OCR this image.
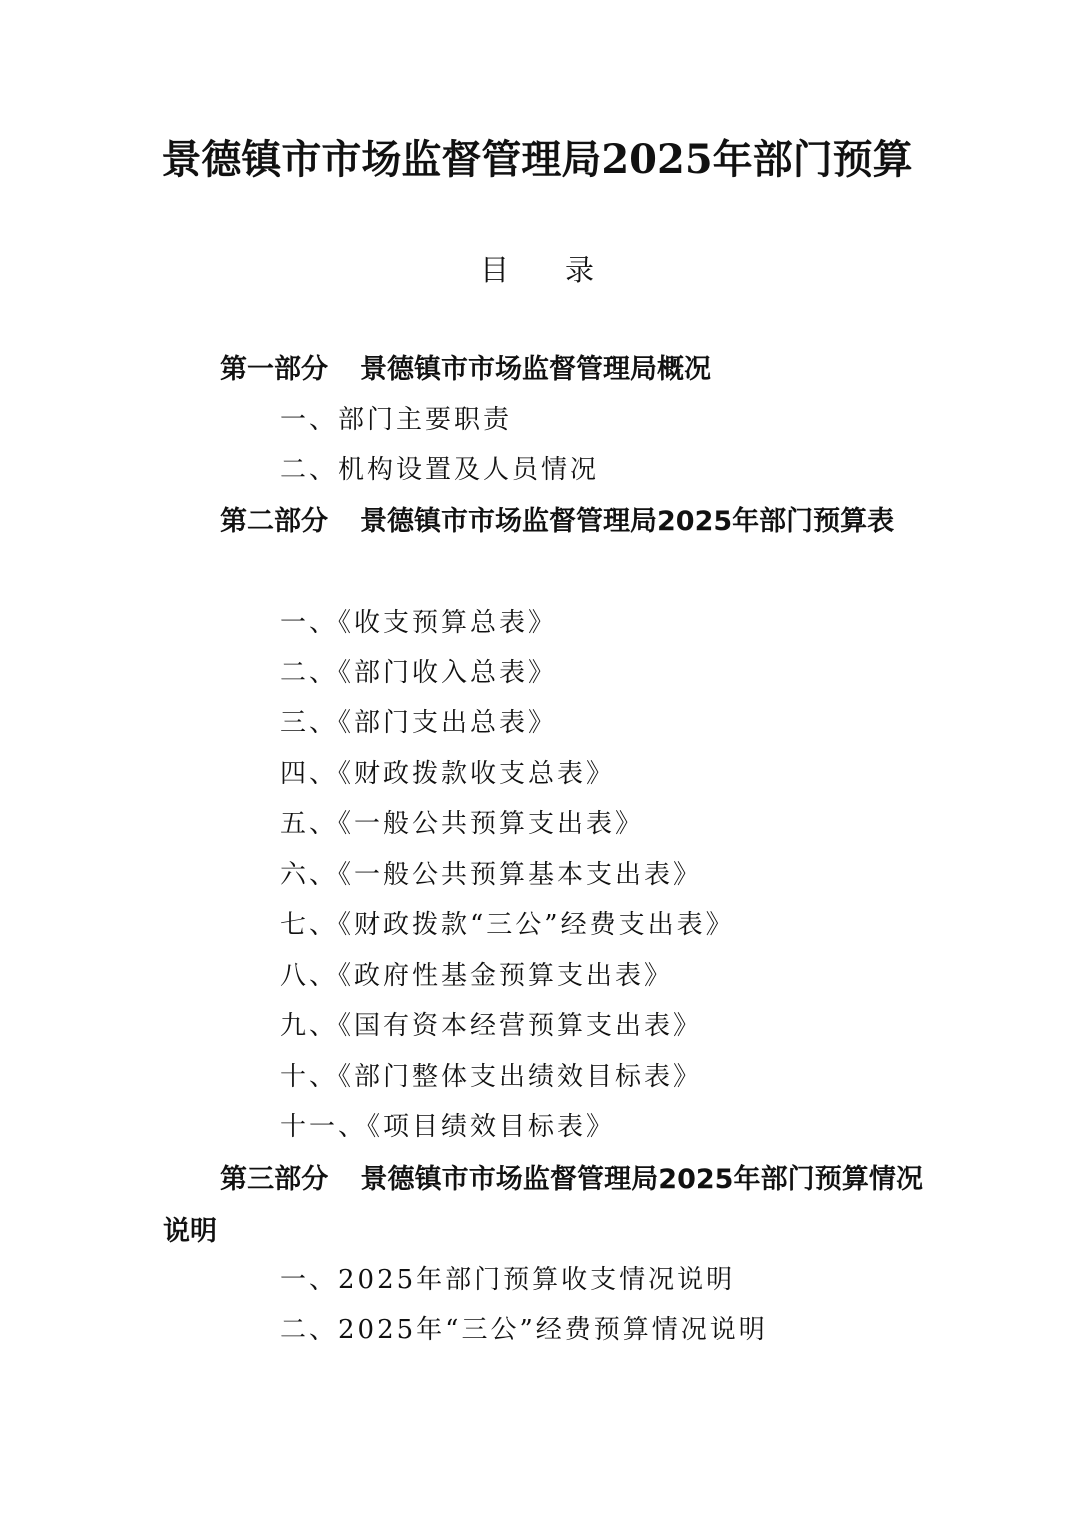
景德镇市市场监督管理局2025年部门预算
目录
第一部分 景德镇市市场监督管理局概况
一、部门主要职责
二、机构设置及人员情况
第二部分 景德镇市市场监督管理局2025年部门预算表
一、《收支预算总表》
二、《部门收入总表》
三、《部门支出总表》
四、《财政拨款收支总表》
五、《一般公共预算支出表》
六、《一般公共预算基本支出表》
七、《财政拨款“三公”经费支出表》
八、《政府性基金预算支出表》
九、《国有资本经营预算支出表》
十、《部门整体支出绩效目标表》
十一、《项目绩效目标表》
第三部分 景德镇市市场监督管理局2025年部门预算情况说明
一、2025年部门预算收支情况说明
二、2025年“三公”经费预算情况说明
